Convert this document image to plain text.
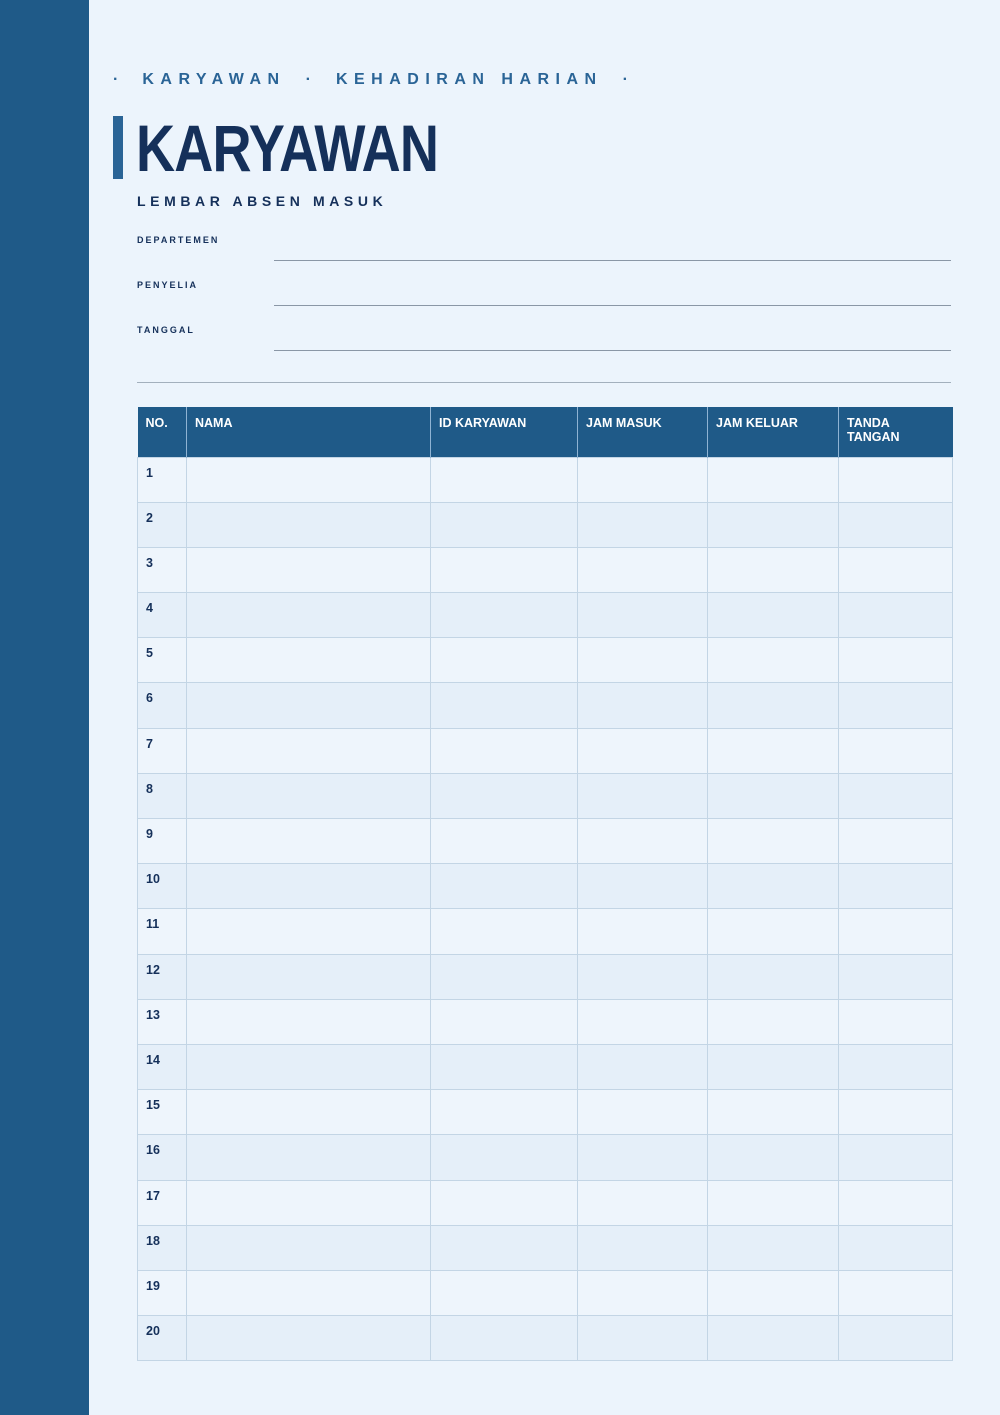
· KARYAWAN · KEHADIRAN HARIAN ·
KARYAWAN
LEMBAR ABSEN MASUK
DEPARTEMEN
PENYELIA
TANGGAL
NO.	NAMA	ID KARYAWAN	JAM MASUK	JAM KELUAR	TANDA TANGAN
1					
2					
3					
4					
5					
6					
7					
8					
9					
10					
11					
12					
13					
14					
15					
16					
17					
18					
19					
20					
